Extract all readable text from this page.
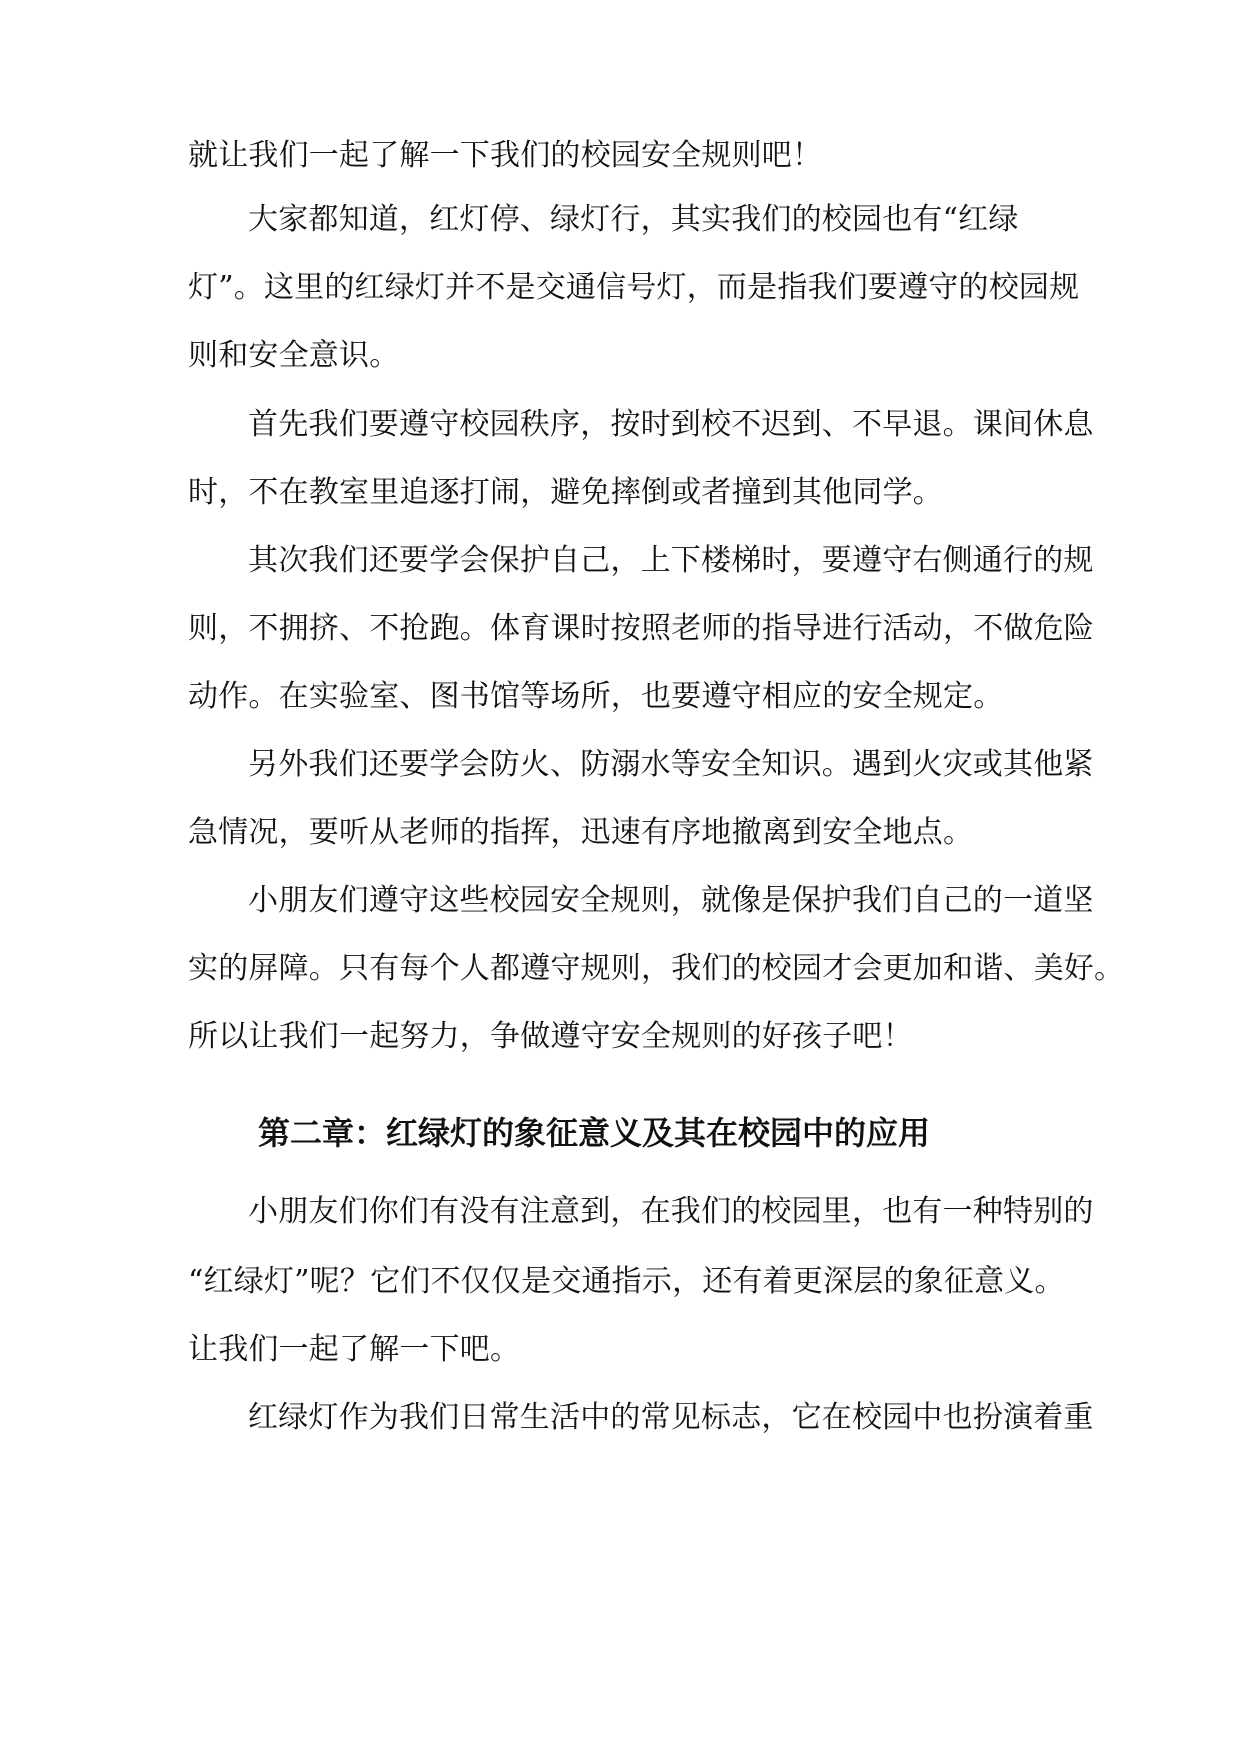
就让我们一起了解一下我们的校园安全规则吧！
大家都知道，红灯停、绿灯行，其实我们的校园也有“红绿
灯”。这里的红绿灯并不是交通信号灯，而是指我们要遵守的校园规
则和安全意识。
首先我们要遵守校园秩序，按时到校不迟到、不早退。课间休息
时，不在教室里追逐打闹，避免摔倒或者撞到其他同学。
其次我们还要学会保护自己，上下楼梯时，要遵守右侧通行的规
则，不拥挤、不抢跑。体育课时按照老师的指导进行活动，不做危险
动作。在实验室、图书馆等场所，也要遵守相应的安全规定。
另外我们还要学会防火、防溺水等安全知识。遇到火灾或其他紧
急情况，要听从老师的指挥，迅速有序地撤离到安全地点。
小朋友们遵守这些校园安全规则，就像是保护我们自己的一道坚
实的屏障。只有每个人都遵守规则，我们的校园才会更加和谐、美好。
所以让我们一起努力，争做遵守安全规则的好孩子吧！
第二章：红绿灯的象征意义及其在校园中的应用
小朋友们你们有没有注意到，在我们的校园里，也有一种特别的
“红绿灯”呢？它们不仅仅是交通指示，还有着更深层的象征意义。
让我们一起了解一下吧。
红绿灯作为我们日常生活中的常见标志，它在校园中也扮演着重
